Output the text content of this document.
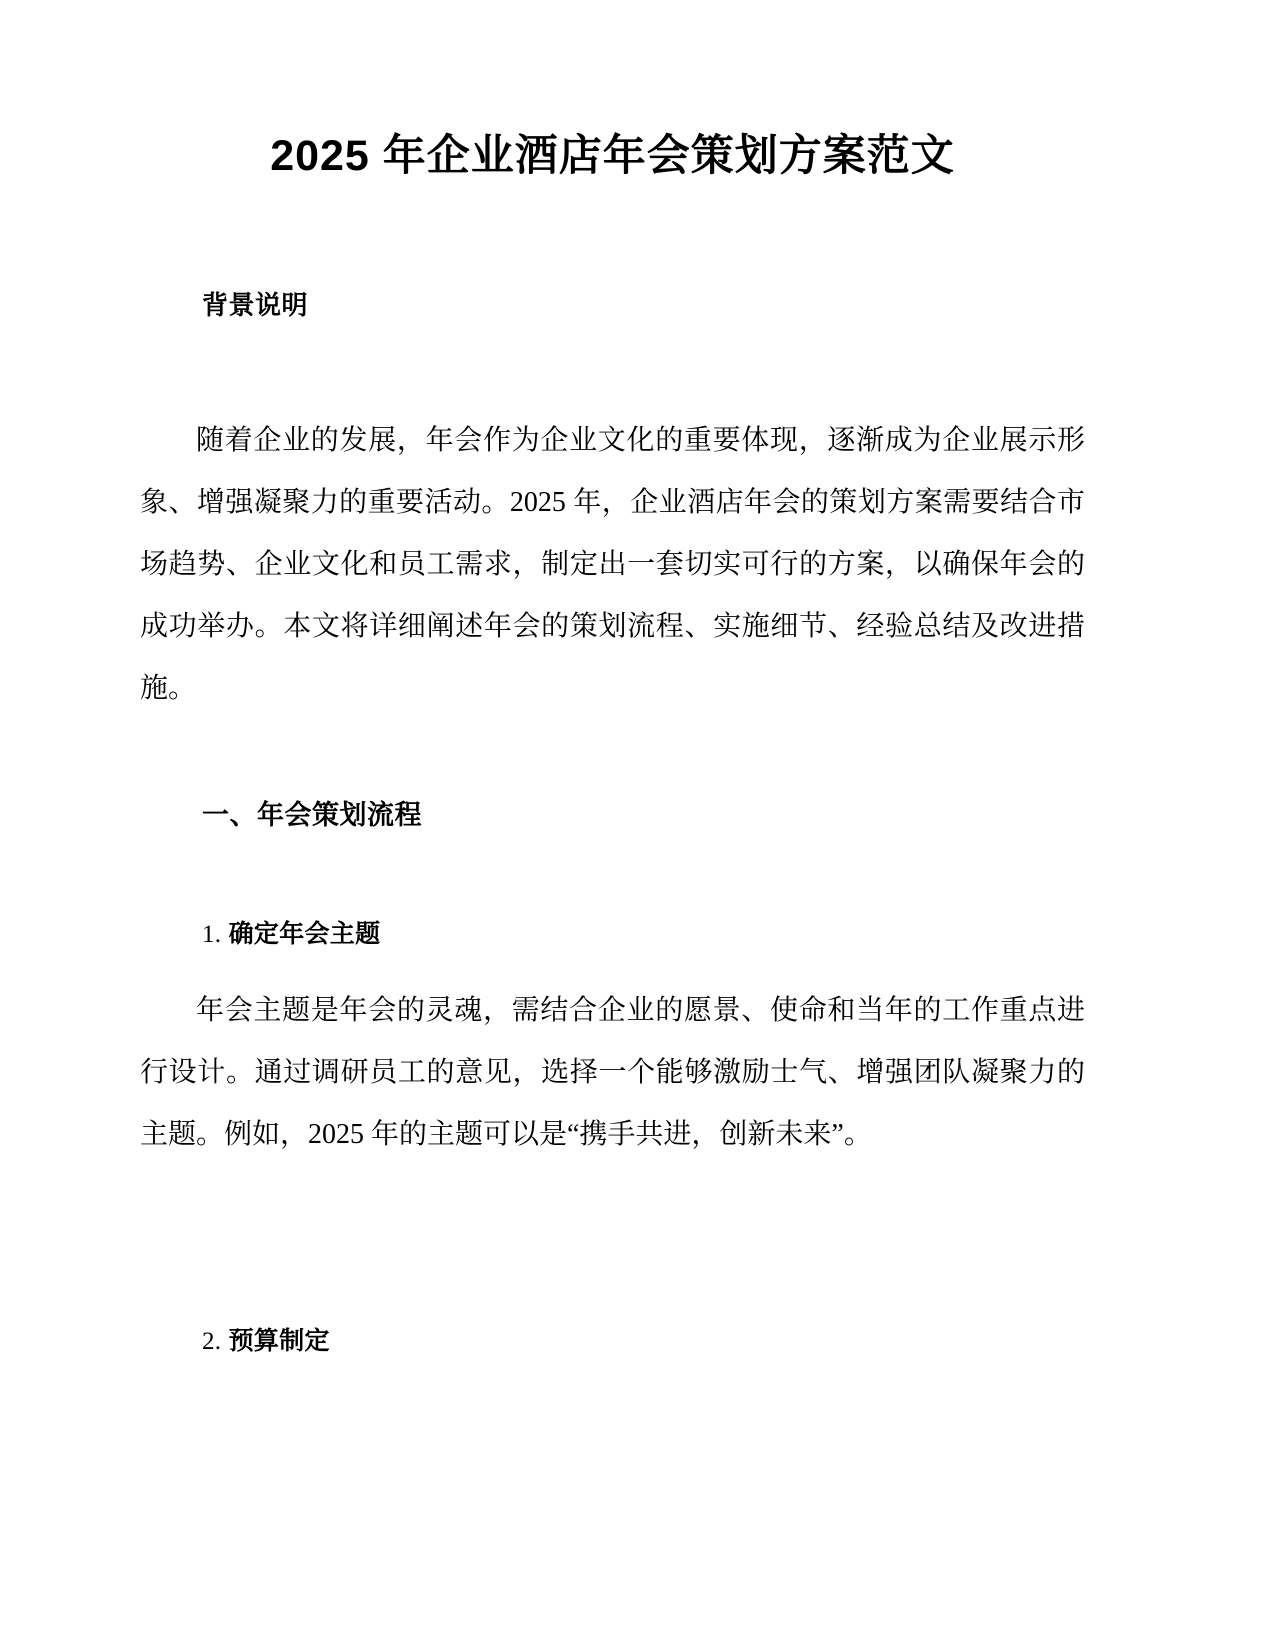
2025 年企业酒店年会策划方案范文
背景说明

随着企业的发展，年会作为企业文化的重要体现，逐渐成为企业展示形象、增强凝聚力的重要活动。2025 年，企业酒店年会的策划方案需要结合市场趋势、企业文化和员工需求，制定出一套切实可行的方案，以确保年会的成功举办。本文将详细阐述年会的策划流程、实施细节、经验总结及改进措施。

一、年会策划流程
1. 确定年会主题

年会主题是年会的灵魂，需结合企业的愿景、使命和当年的工作重点进行设计。通过调研员工的意见，选择一个能够激励士气、增强团队凝聚力的主题。例如，2025 年的主题可以是“携手共进，创新未来”。

2. 预算制定
